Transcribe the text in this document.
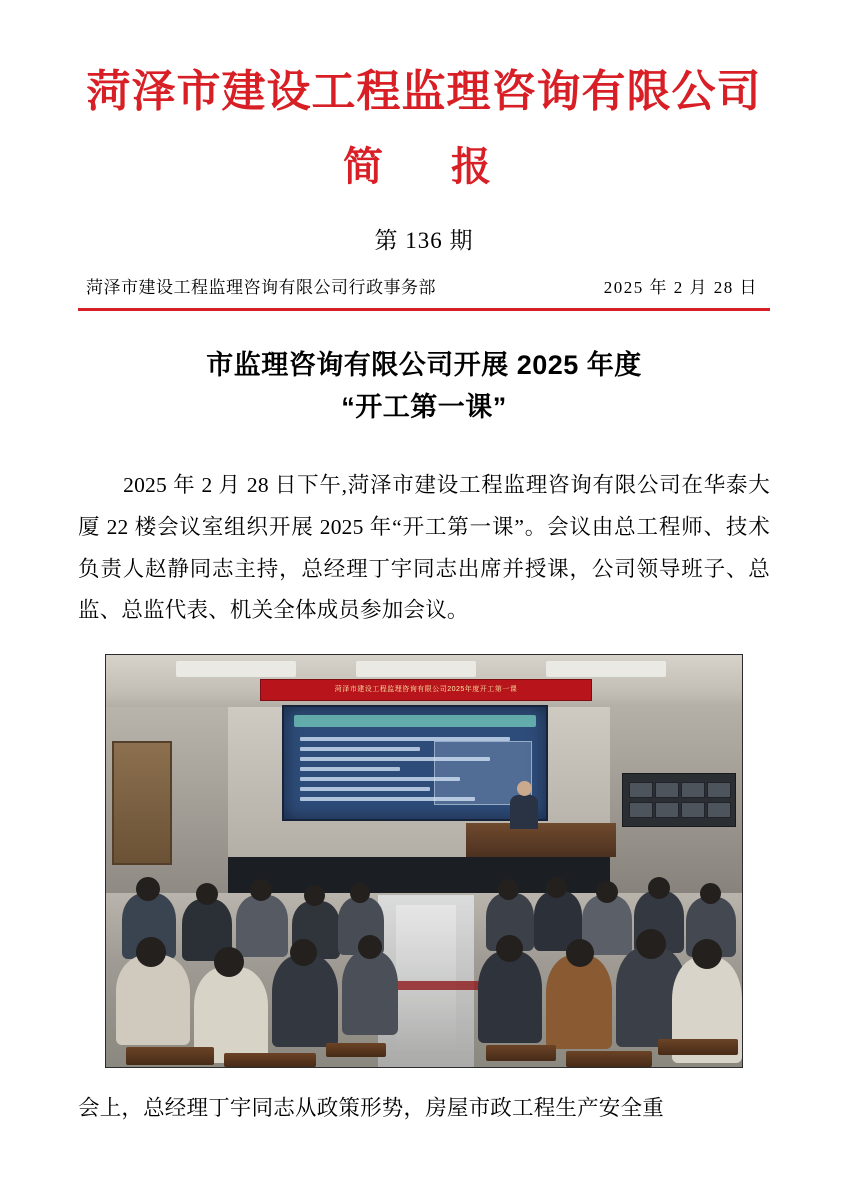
菏泽市建设工程监理咨询有限公司
简　报
第 136 期
菏泽市建设工程监理咨询有限公司行政事务部	2025 年 2 月 28 日
市监理咨询有限公司开展 2025 年度
“开工第一课”
2025 年 2 月 28 日下午,菏泽市建设工程监理咨询有限公司在华泰大厦 22 楼会议室组织开展 2025 年“开工第一课”。会议由总工程师、技术负责人赵静同志主持，总经理丁宇同志出席并授课，公司领导班子、总监、总监代表、机关全体成员参加会议。
菏泽市建设工程监理咨询有限公司2025年度开工第一课
会上，总经理丁宇同志从政策形势，房屋市政工程生产安全重
